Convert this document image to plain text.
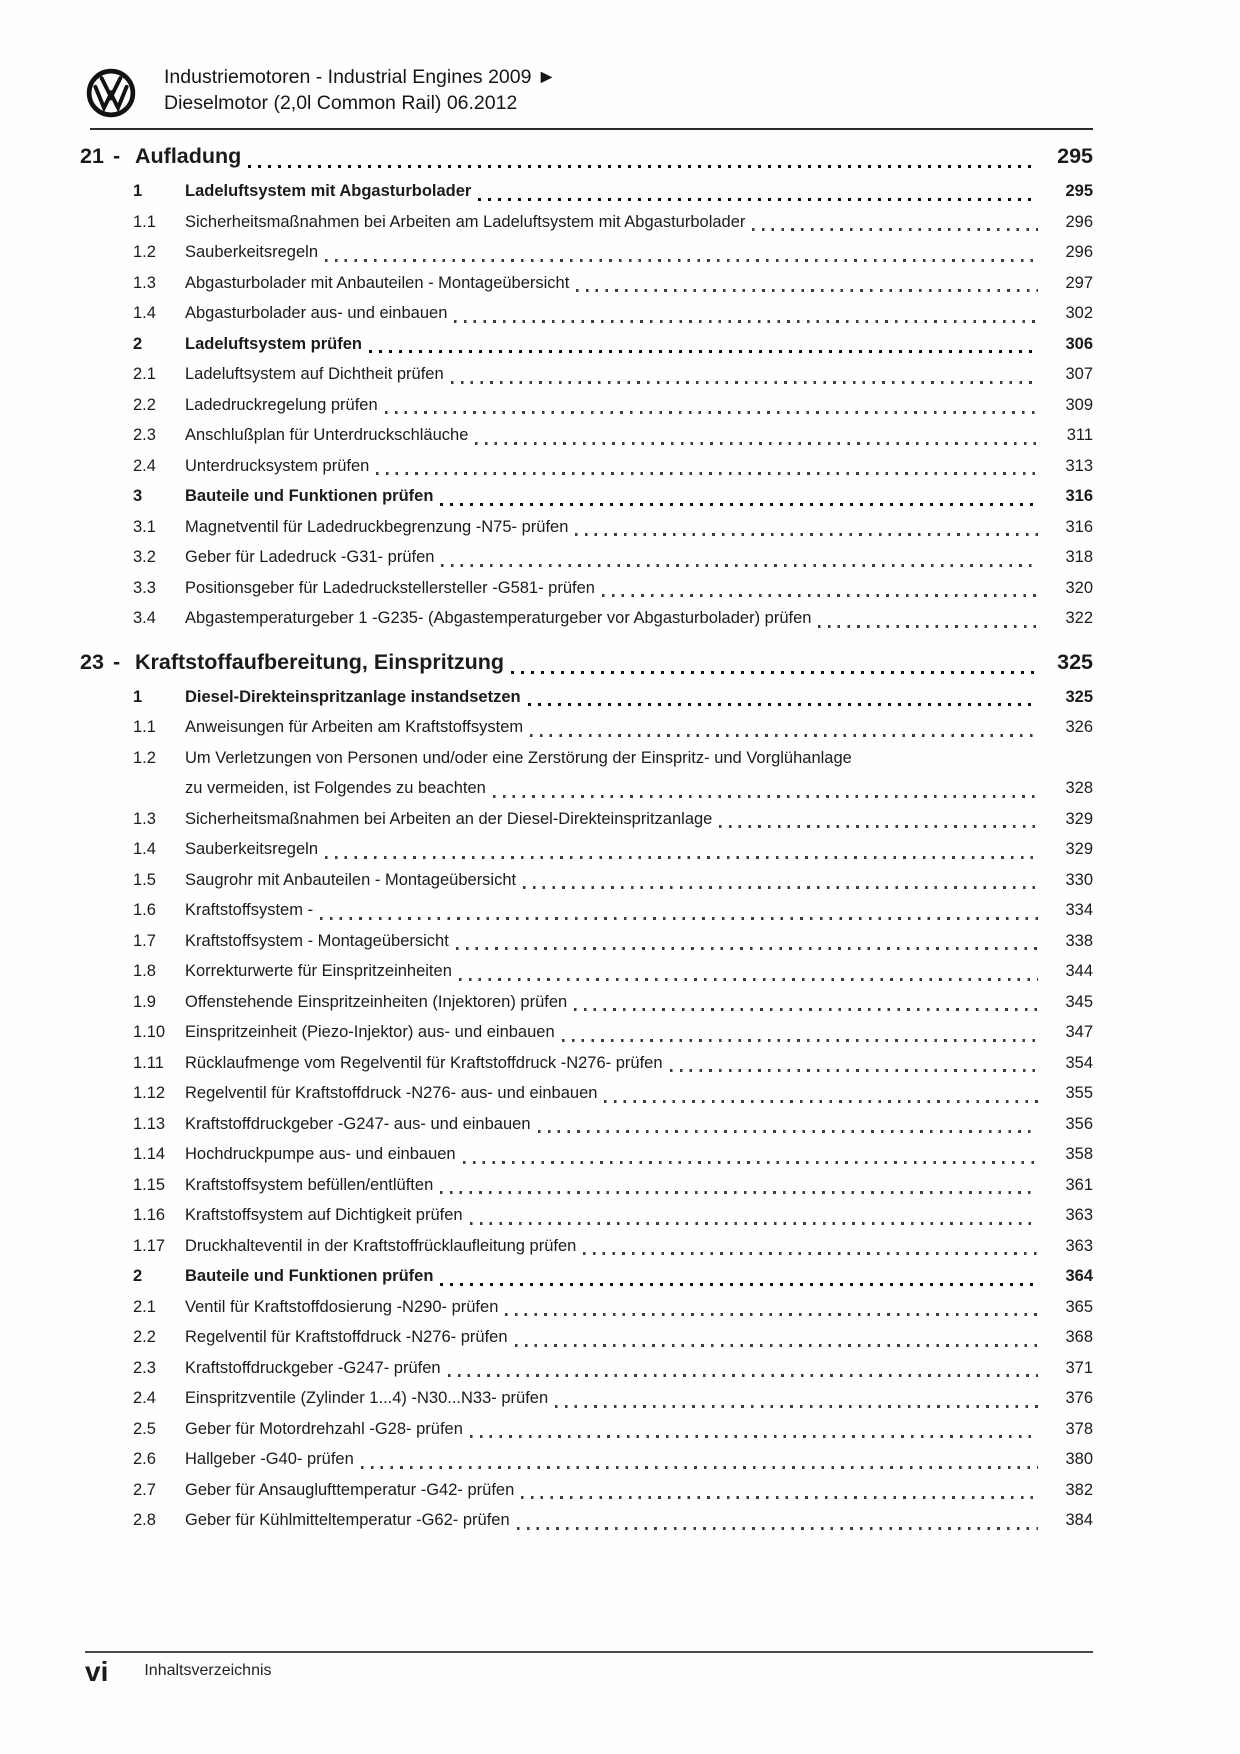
Industriemotoren - Industrial Engines 2009 ►
Dieselmotor (2,0l Common Rail) 06.2012
21 - Aufladung	295
1	Ladeluftsystem mit Abgasturbolader	295
1.1	Sicherheitsmaßnahmen bei Arbeiten am Ladeluftsystem mit Abgasturbolader	296
1.2	Sauberkeitsregeln	296
1.3	Abgasturbolader mit Anbauteilen - Montageübersicht	297
1.4	Abgasturbolader aus- und einbauen	302
2	Ladeluftsystem prüfen	306
2.1	Ladeluftsystem auf Dichtheit prüfen	307
2.2	Ladedruckregelung prüfen	309
2.3	Anschlußplan für Unterdruckschläuche	311
2.4	Unterdrucksystem prüfen	313
3	Bauteile und Funktionen prüfen	316
3.1	Magnetventil für Ladedruckbegrenzung -N75- prüfen	316
3.2	Geber für Ladedruck -G31- prüfen	318
3.3	Positionsgeber für Ladedruckstellersteller -G581- prüfen	320
3.4	Abgastemperaturgeber 1 -G235- (Abgastemperaturgeber vor Abgasturbolader) prüfen	322
23 - Kraftstoffaufbereitung, Einspritzung	325
1	Diesel-Direkteinspritzanlage instandsetzen	325
1.1	Anweisungen für Arbeiten am Kraftstoffsystem	326
1.2	Um Verletzungen von Personen und/oder eine Zerstörung der Einspritz- und Vorglühanlage
zu vermeiden, ist Folgendes zu beachten	328
1.3	Sicherheitsmaßnahmen bei Arbeiten an der Diesel-Direkteinspritzanlage	329
1.4	Sauberkeitsregeln	329
1.5	Saugrohr mit Anbauteilen - Montageübersicht	330
1.6	Kraftstoffsystem -	334
1.7	Kraftstoffsystem - Montageübersicht	338
1.8	Korrekturwerte für Einspritzeinheiten	344
1.9	Offenstehende Einspritzeinheiten (Injektoren) prüfen	345
1.10	Einspritzeinheit (Piezo-Injektor) aus- und einbauen	347
1.11	Rücklaufmenge vom Regelventil für Kraftstoffdruck -N276- prüfen	354
1.12	Regelventil für Kraftstoffdruck -N276- aus- und einbauen	355
1.13	Kraftstoffdruckgeber -G247- aus- und einbauen	356
1.14	Hochdruckpumpe aus- und einbauen	358
1.15	Kraftstoffsystem befüllen/entlüften	361
1.16	Kraftstoffsystem auf Dichtigkeit prüfen	363
1.17	Druckhalteventil in der Kraftstoffrücklaufleitung prüfen	363
2	Bauteile und Funktionen prüfen	364
2.1	Ventil für Kraftstoffdosierung -N290- prüfen	365
2.2	Regelventil für Kraftstoffdruck -N276- prüfen	368
2.3	Kraftstoffdruckgeber -G247- prüfen	371
2.4	Einspritzventile (Zylinder 1...4) -N30...N33- prüfen	376
2.5	Geber für Motordrehzahl -G28- prüfen	378
2.6	Hallgeber -G40- prüfen	380
2.7	Geber für Ansauglufttemperatur -G42- prüfen	382
2.8	Geber für Kühlmitteltemperatur -G62- prüfen	384
vi Inhaltsverzeichnis
